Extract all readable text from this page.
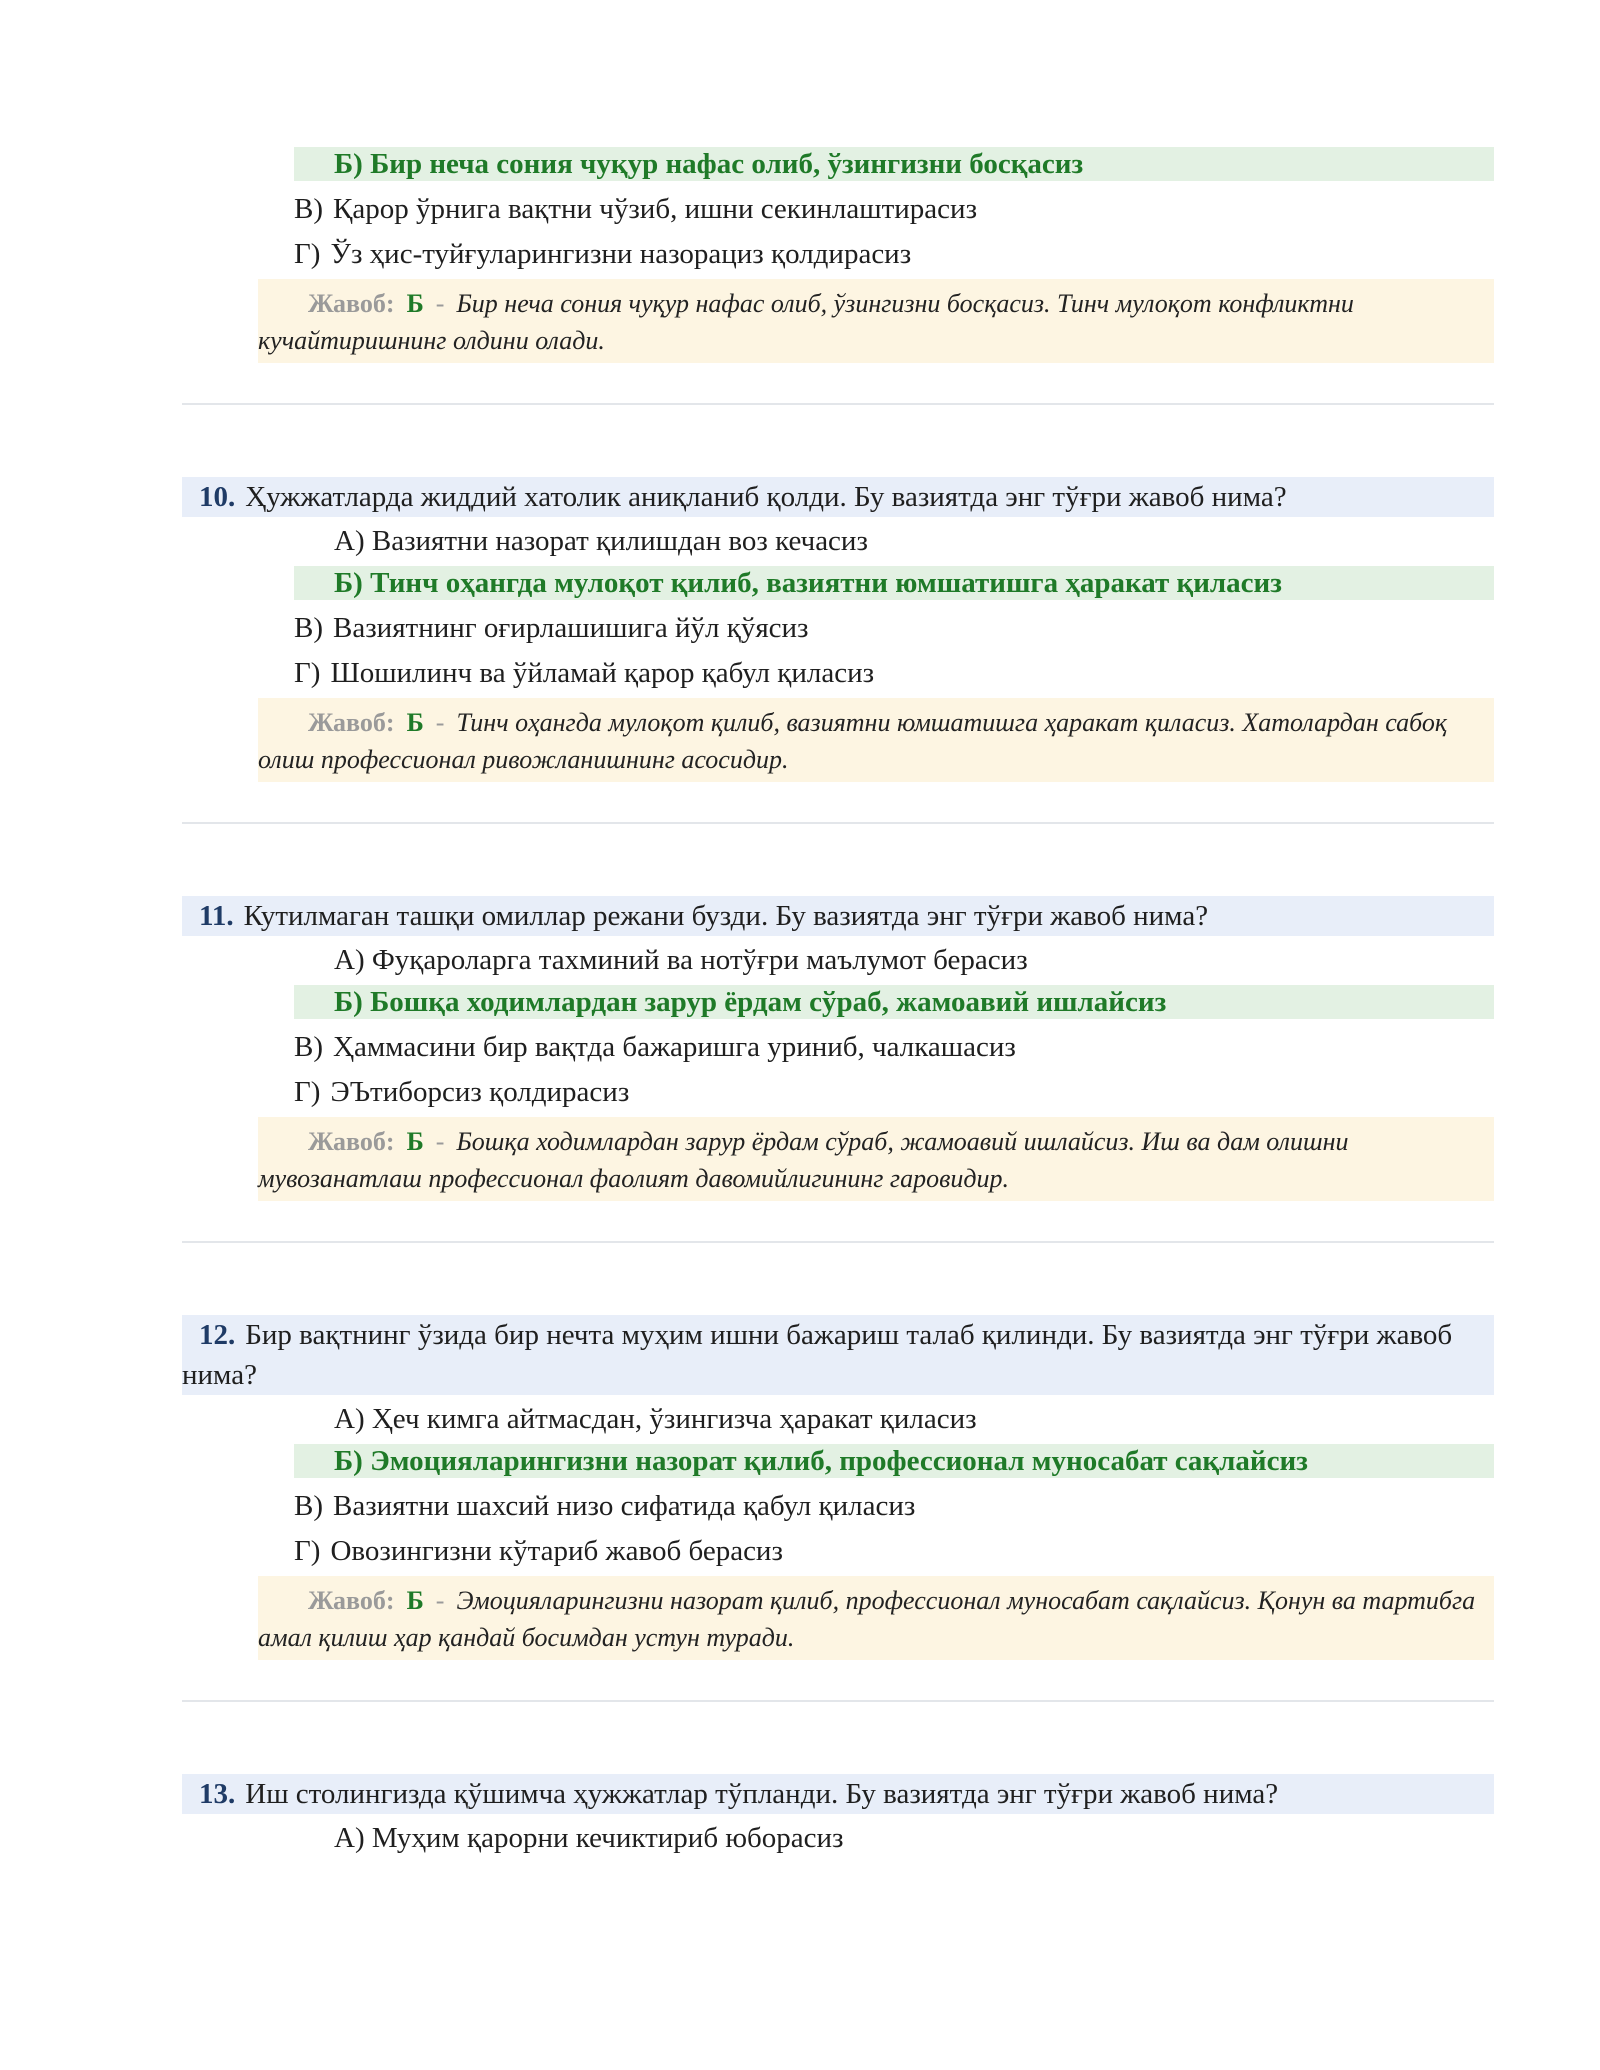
Б) Бир неча сония чуқур нафас олиб, ўзингизни босқасиз
В) Қарор ўрнига вақтни чўзиб, ишни секинлаштирасиз
Г) Ўз ҳис-туйғуларингизни назорациз қолдирасиз
Жавоб: Б - Бир неча сония чуқур нафас олиб, ўзингизни босқасиз. Тинч мулоқот конфликтни кучайтиришнинг олдини олади.
10. Ҳужжатларда жиддий хатолик аниқланиб қолди. Бу вазиятда энг тўғри жавоб нима?
А) Вазиятни назорат қилишдан воз кечасиз
Б) Тинч оҳангда мулоқот қилиб, вазиятни юмшатишга ҳаракат қиласиз
В) Вазиятнинг оғирлашишига йўл қўясиз
Г) Шошилинч ва ўйламай қарор қабул қиласиз
Жавоб: Б - Тинч оҳангда мулоқот қилиб, вазиятни юмшатишга ҳаракат қиласиз. Хатолардан сабоқ олиш профессионал ривожланишнинг асосидир.
11. Кутилмаган ташқи омиллар режани бузди. Бу вазиятда энг тўғри жавоб нима?
А) Фуқароларга тахминий ва нотўғри маълумот берасиз
Б) Бошқа ходимлардан зарур ёрдам сўраб, жамоавий ишлайсиз
В) Ҳаммасини бир вақтда бажаришга уриниб, чалкашасиз
Г) ЭЪтиборсиз қолдирасиз
Жавоб: Б - Бошқа ходимлардан зарур ёрдам сўраб, жамоавий ишлайсиз. Иш ва дам олишни мувозанатлаш профессионал фаолият давомийлигининг гаровидир.
12. Бир вақтнинг ўзида бир нечта муҳим ишни бажариш талаб қилинди. Бу вазиятда энг тўғри жавоб нима?
А) Ҳеч кимга айтмасдан, ўзингизча ҳаракат қиласиз
Б) Эмоцияларингизни назорат қилиб, профессионал муносабат сақлайсиз
В) Вазиятни шахсий низо сифатида қабул қиласиз
Г) Овозингизни кўтариб жавоб берасиз
Жавоб: Б - Эмоцияларингизни назорат қилиб, профессионал муносабат сақлайсиз. Қонун ва тартибга амал қилиш ҳар қандай босимдан устун туради.
13. Иш столингизда қўшимча ҳужжатлар тўпланди. Бу вазиятда энг тўғри жавоб нима?
А) Муҳим қарорни кечиктириб юборасиз
